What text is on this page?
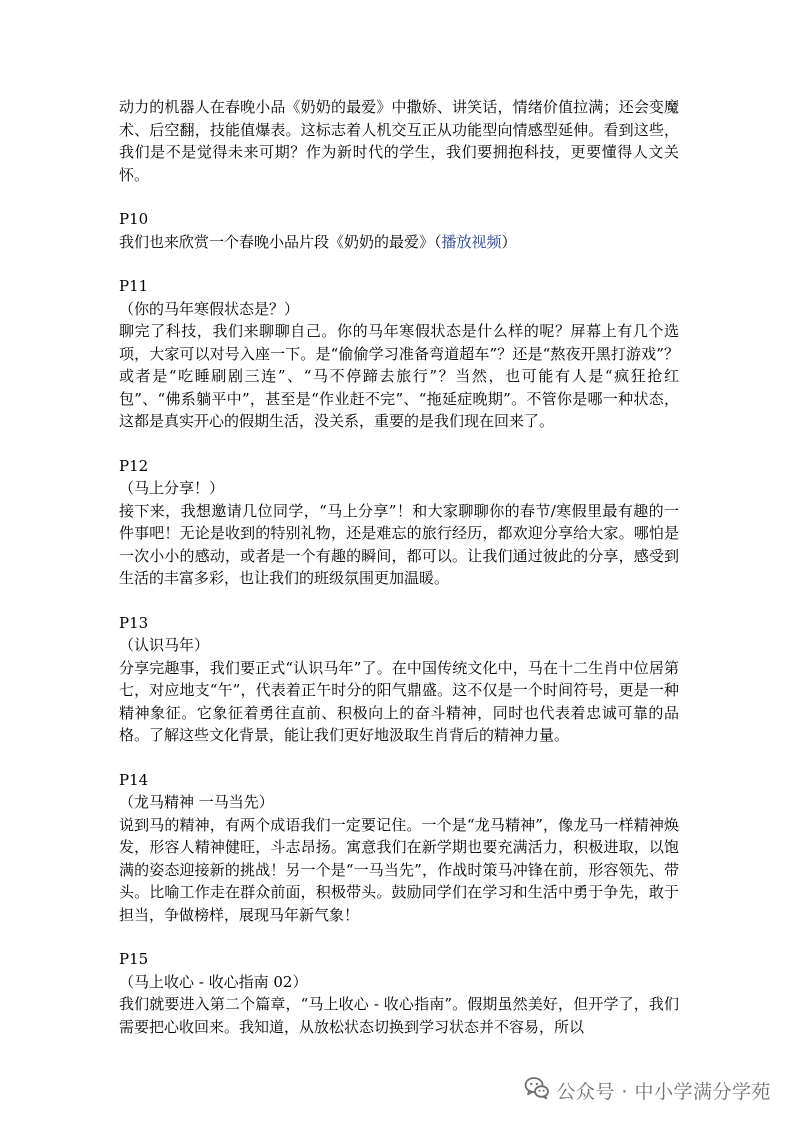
动力的机器人在春晚小品《奶奶的最爱》中撒娇、讲笑话，情绪价值拉满；还会变魔术、后空翻，技能值爆表。这标志着人机交互正从功能型向情感型延伸。看到这些，我们是不是觉得未来可期？作为新时代的学生，我们要拥抱科技，更要懂得人文关怀。

P10

我们也来欣赏一个春晚小品片段《奶奶的最爱》（播放视频）

P11

（你的马年寒假状态是？）

聊完了科技，我们来聊聊自己。你的马年寒假状态是什么样的呢？屏幕上有几个选项，大家可以对号入座一下。是“偷偷学习准备弯道超车”？还是“熬夜开黑打游戏”？或者是“吃睡刷剧三连”、“马不停蹄去旅行”？当然，也可能有人是“疯狂抢红包”、“佛系躺平中”，甚至是“作业赶不完”、“拖延症晚期”。不管你是哪一种状态，这都是真实开心的假期生活，没关系，重要的是我们现在回来了。

P12

（马上分享！）

接下来，我想邀请几位同学，“马上分享”！和大家聊聊你的春节/寒假里最有趣的一件事吧！无论是收到的特别礼物，还是难忘的旅行经历，都欢迎分享给大家。哪怕是一次小小的感动，或者是一个有趣的瞬间，都可以。让我们通过彼此的分享，感受到生活的丰富多彩，也让我们的班级氛围更加温暖。

P13

（认识马年）

分享完趣事，我们要正式“认识马年”了。在中国传统文化中，马在十二生肖中位居第七，对应地支“午”，代表着正午时分的阳气鼎盛。这不仅是一个时间符号，更是一种精神象征。它象征着勇往直前、积极向上的奋斗精神，同时也代表着忠诚可靠的品格。了解这些文化背景，能让我们更好地汲取生肖背后的精神力量。

P14

（龙马精神 一马当先）

说到马的精神，有两个成语我们一定要记住。一个是“龙马精神”，像龙马一样精神焕发，形容人精神健旺，斗志昂扬。寓意我们在新学期也要充满活力，积极进取，以饱满的姿态迎接新的挑战！另一个是“一马当先”，作战时策马冲锋在前，形容领先、带头。比喻工作走在群众前面，积极带头。鼓励同学们在学习和生活中勇于争先，敢于担当，争做榜样，展现马年新气象！

P15

（马上收心 - 收心指南 02）

我们就要进入第二个篇章，“马上收心 - 收心指南”。假期虽然美好，但开学了，我们需要把心收回来。我知道，从放松状态切换到学习状态并不容易，所以

公众号 · 中小学满分学苑
